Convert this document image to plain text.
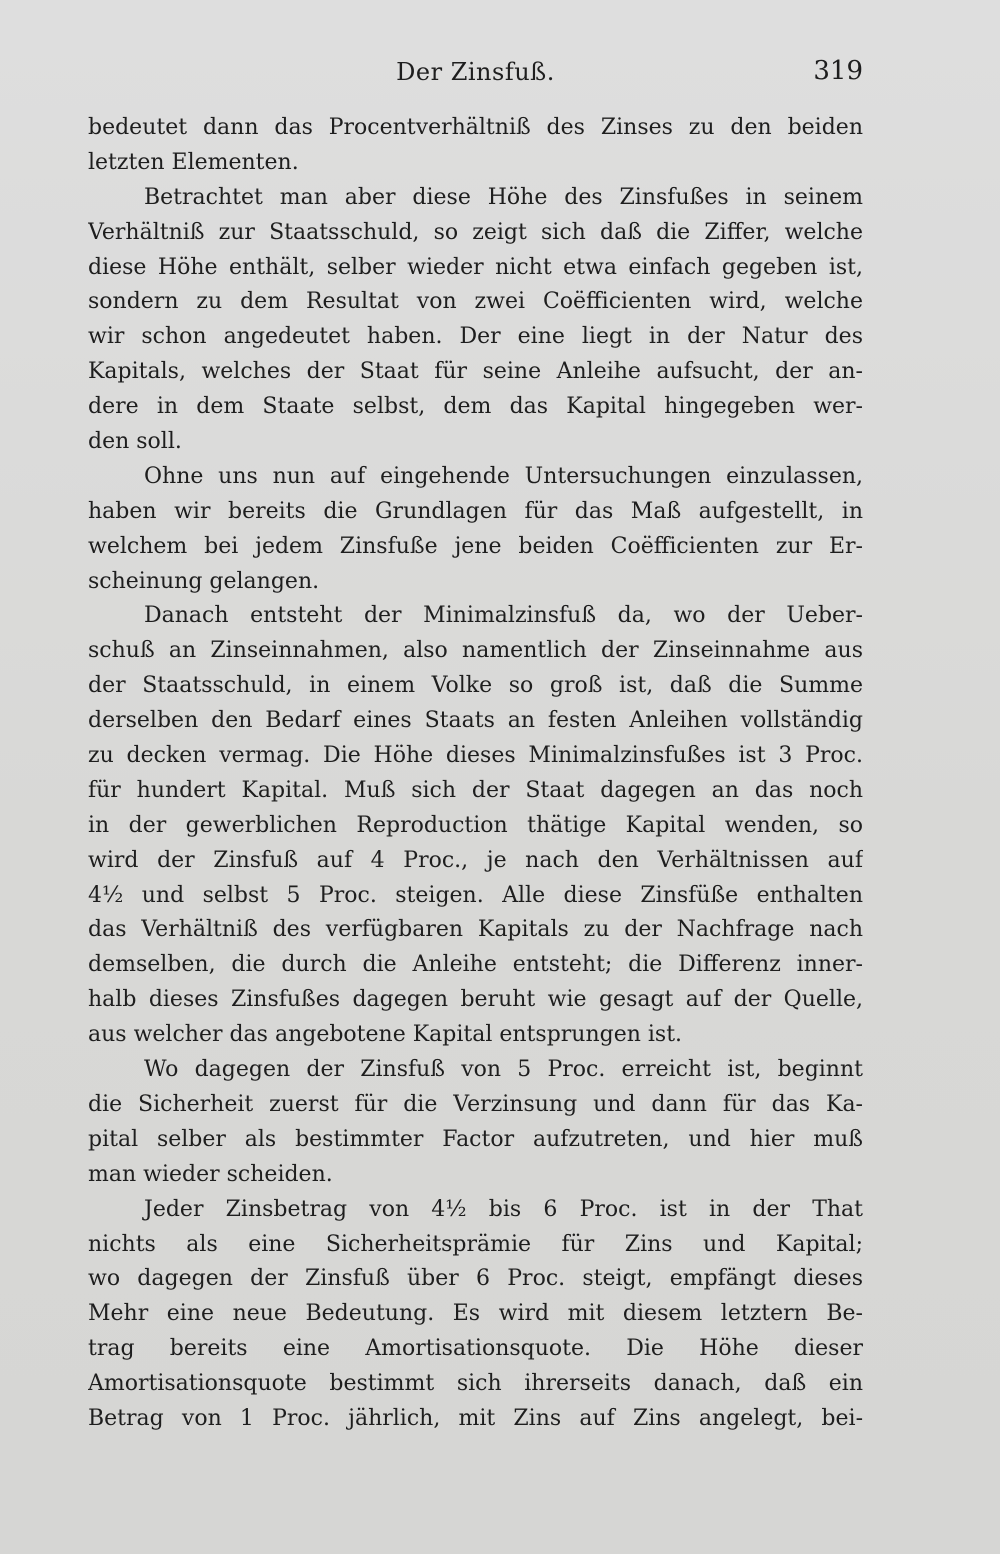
Der Zinsfuß.	319
bedeutet dann das Procentverhältniß des Zinses zu den beiden
letzten Elementen.
Betrachtet man aber diese Höhe des Zinsfußes in seinem
Verhältniß zur Staatsschuld, so zeigt sich daß die Ziffer, welche
diese Höhe enthält, selber wieder nicht etwa einfach gegeben ist,
sondern zu dem Resultat von zwei Coëfficienten wird, welche
wir schon angedeutet haben. Der eine liegt in der Natur des
Kapitals, welches der Staat für seine Anleihe aufsucht, der an-
dere in dem Staate selbst, dem das Kapital hingegeben wer-
den soll.
Ohne uns nun auf eingehende Untersuchungen einzulassen,
haben wir bereits die Grundlagen für das Maß aufgestellt, in
welchem bei jedem Zinsfuße jene beiden Coëfficienten zur Er-
scheinung gelangen.
Danach entsteht der Minimalzinsfuß da, wo der Ueber-
schuß an Zinseinnahmen, also namentlich der Zinseinnahme aus
der Staatsschuld, in einem Volke so groß ist, daß die Summe
derselben den Bedarf eines Staats an festen Anleihen vollständig
zu decken vermag. Die Höhe dieses Minimalzinsfußes ist 3 Proc.
für hundert Kapital. Muß sich der Staat dagegen an das noch
in der gewerblichen Reproduction thätige Kapital wenden, so
wird der Zinsfuß auf 4 Proc., je nach den Verhältnissen auf
4½ und selbst 5 Proc. steigen. Alle diese Zinsfüße enthalten
das Verhältniß des verfügbaren Kapitals zu der Nachfrage nach
demselben, die durch die Anleihe entsteht; die Differenz inner-
halb dieses Zinsfußes dagegen beruht wie gesagt auf der Quelle,
aus welcher das angebotene Kapital entsprungen ist.
Wo dagegen der Zinsfuß von 5 Proc. erreicht ist, beginnt
die Sicherheit zuerst für die Verzinsung und dann für das Ka-
pital selber als bestimmter Factor aufzutreten, und hier muß
man wieder scheiden.
Jeder Zinsbetrag von 4½ bis 6 Proc. ist in der That
nichts als eine Sicherheitsprämie für Zins und Kapital;
wo dagegen der Zinsfuß über 6 Proc. steigt, empfängt dieses
Mehr eine neue Bedeutung. Es wird mit diesem letztern Be-
trag bereits eine Amortisationsquote. Die Höhe dieser
Amortisationsquote bestimmt sich ihrerseits danach, daß ein
Betrag von 1 Proc. jährlich, mit Zins auf Zins angelegt, bei-
